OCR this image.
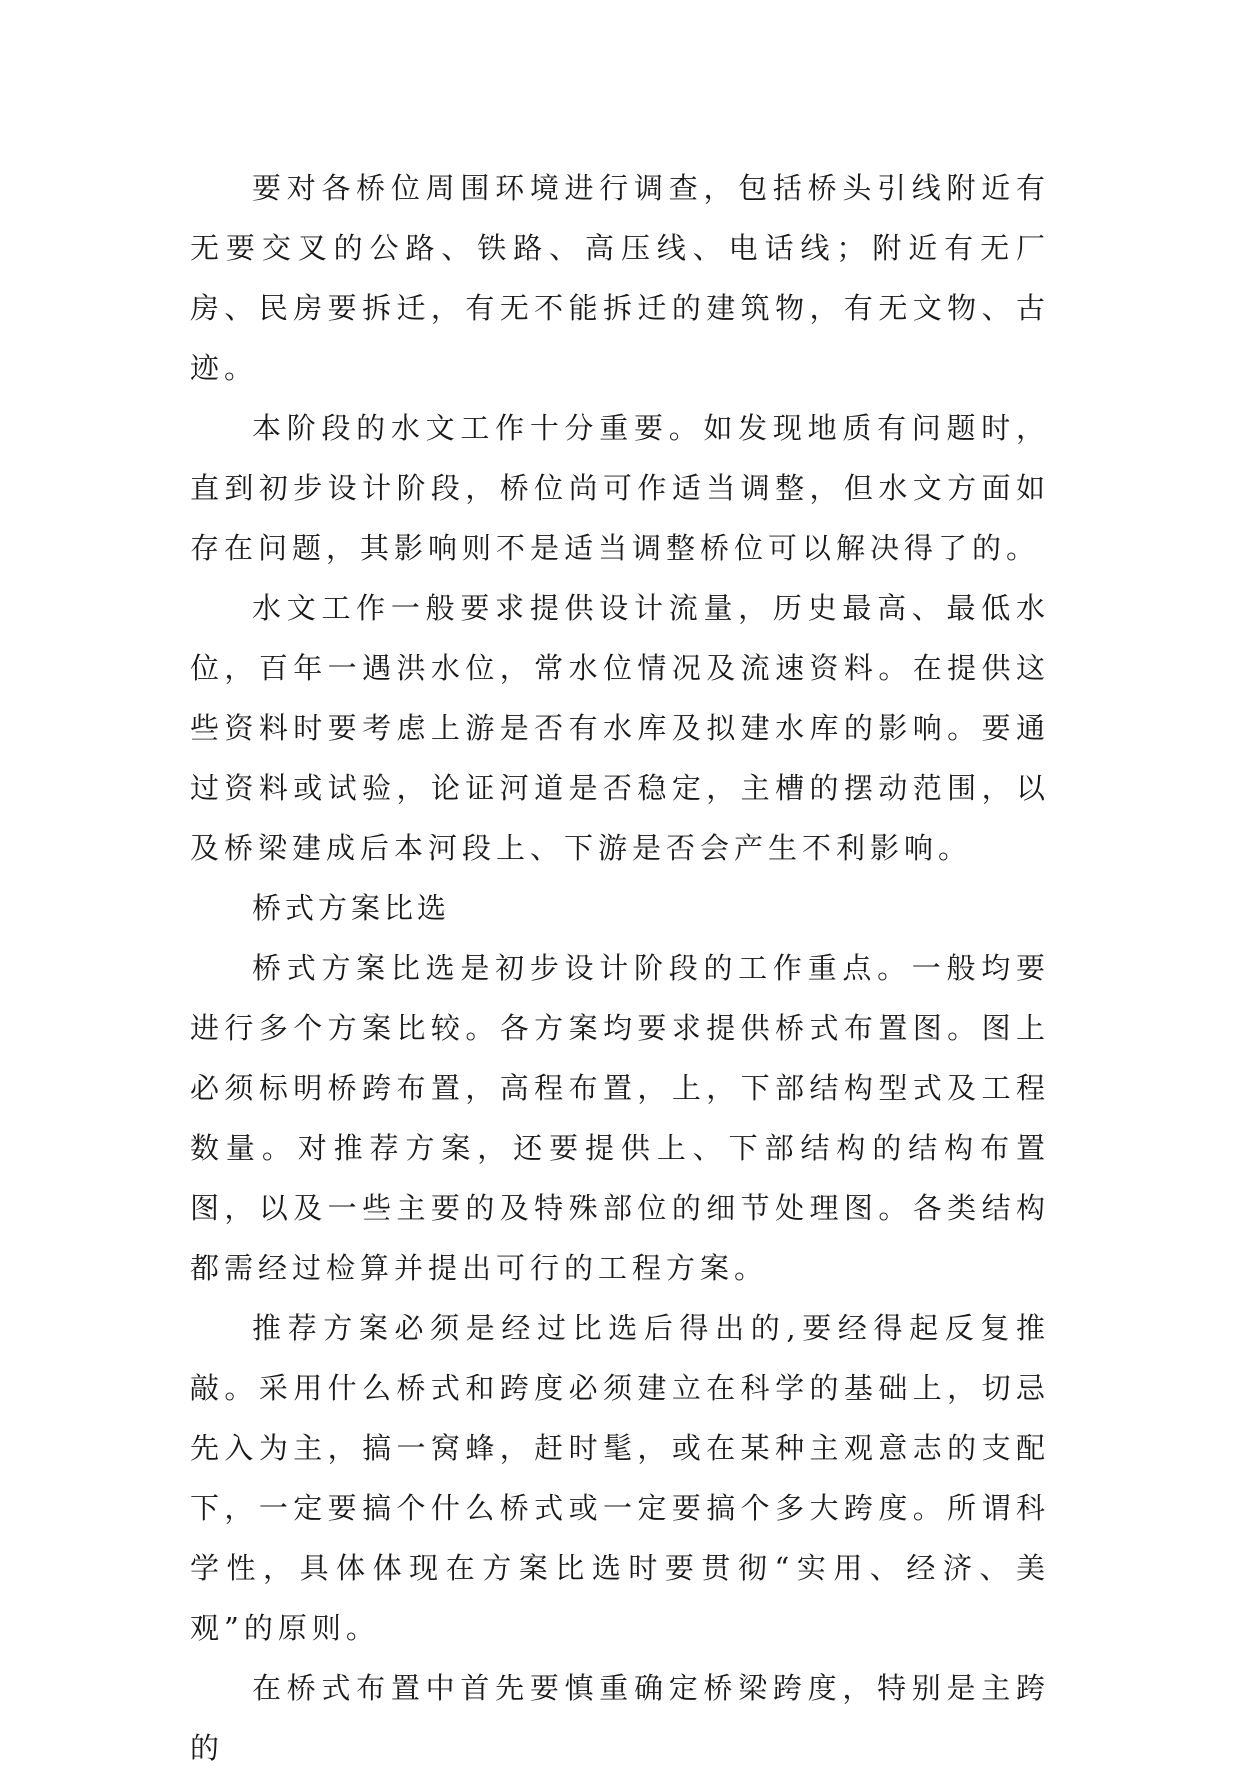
要对各桥位周围环境进行调查，包括桥头引线附近有无要交叉的公路、铁路、高压线、电话线；附近有无厂房、民房要拆迁，有无不能拆迁的建筑物，有无文物、古迹。

本阶段的水文工作十分重要。如发现地质有问题时，直到初步设计阶段，桥位尚可作适当调整，但水文方面如存在问题，其影响则不是适当调整桥位可以解决得了的。

水文工作一般要求提供设计流量，历史最高、最低水位，百年一遇洪水位，常水位情况及流速资料。在提供这些资料时要考虑上游是否有水库及拟建水库的影响。要通过资料或试验，论证河道是否稳定，主槽的摆动范围，以及桥梁建成后本河段上、下游是否会产生不利影响。

桥式方案比选

桥式方案比选是初步设计阶段的工作重点。一般均要进行多个方案比较。各方案均要求提供桥式布置图。图上必须标明桥跨布置，高程布置，上，下部结构型式及工程数量。对推荐方案，还要提供上、下部结构的结构布置图，以及一些主要的及特殊部位的细节处理图。各类结构都需经过检算并提出可行的工程方案。

推荐方案必须是经过比选后得出的,要经得起反复推敲。采用什么桥式和跨度必须建立在科学的基础上，切忌先入为主，搞一窝蜂，赶时髦，或在某种主观意志的支配下，一定要搞个什么桥式或一定要搞个多大跨度。所谓科学性，具体体现在方案比选时要贯彻“实用、经济、美观”的原则。

在桥式布置中首先要慎重确定桥梁跨度，特别是主跨的
